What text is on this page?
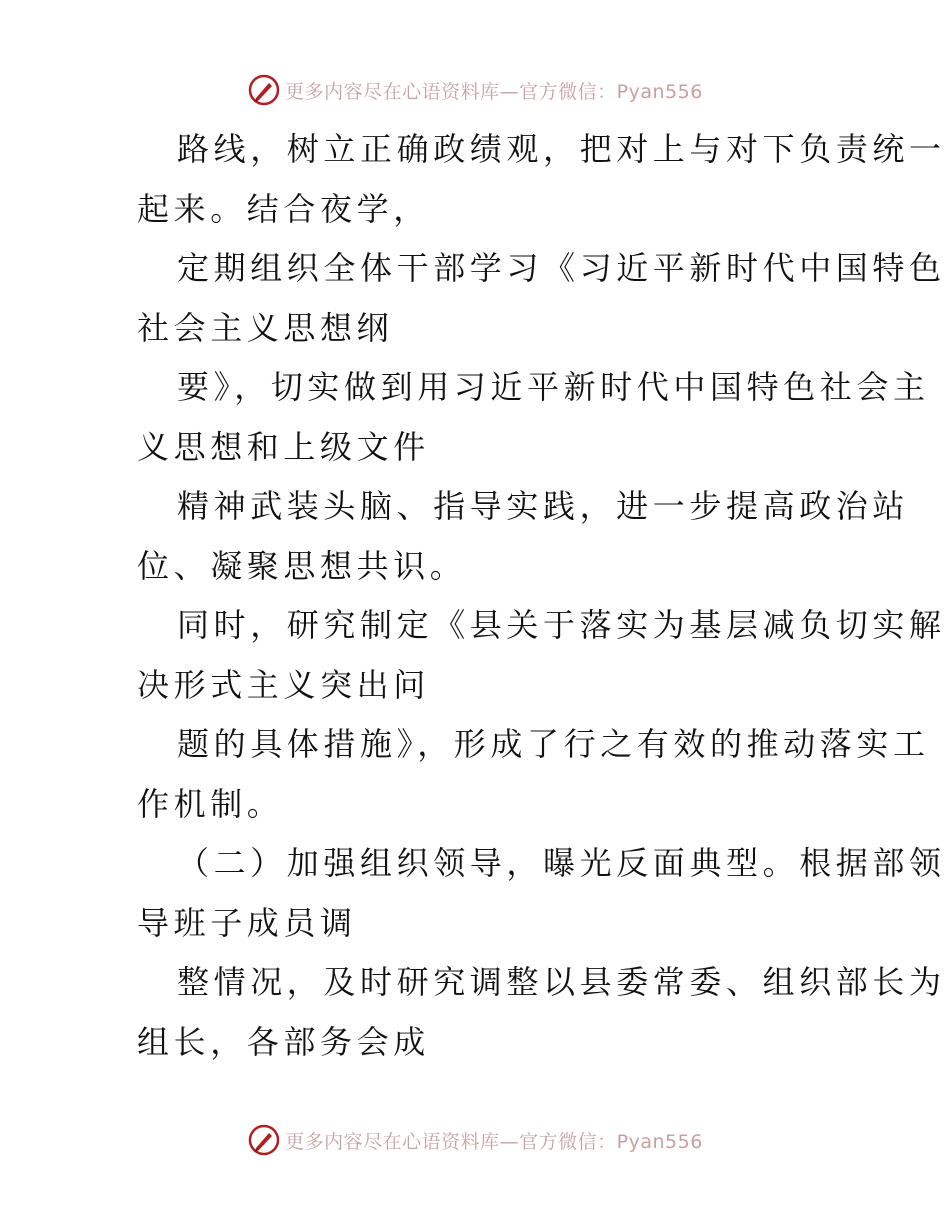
更多内容尽在心语资料库—官方微信：Pyan556

路线，树立正确政绩观，把对上与对下负责统一
起来。结合夜学，

定期组织全体干部学习《习近平新时代中国特色
社会主义思想纲

要》，切实做到用习近平新时代中国特色社会主
义思想和上级文件

精神武装头脑、指导实践，进一步提高政治站
位、凝聚思想共识。

同时，研究制定《县关于落实为基层减负切实解
决形式主义突出问

题的具体措施》，形成了行之有效的推动落实工
作机制。

（二）加强组织领导，曝光反面典型。根据部领
导班子成员调

整情况，及时研究调整以县委常委、组织部长为
组长，各部务会成

更多内容尽在心语资料库—官方微信：Pyan556
